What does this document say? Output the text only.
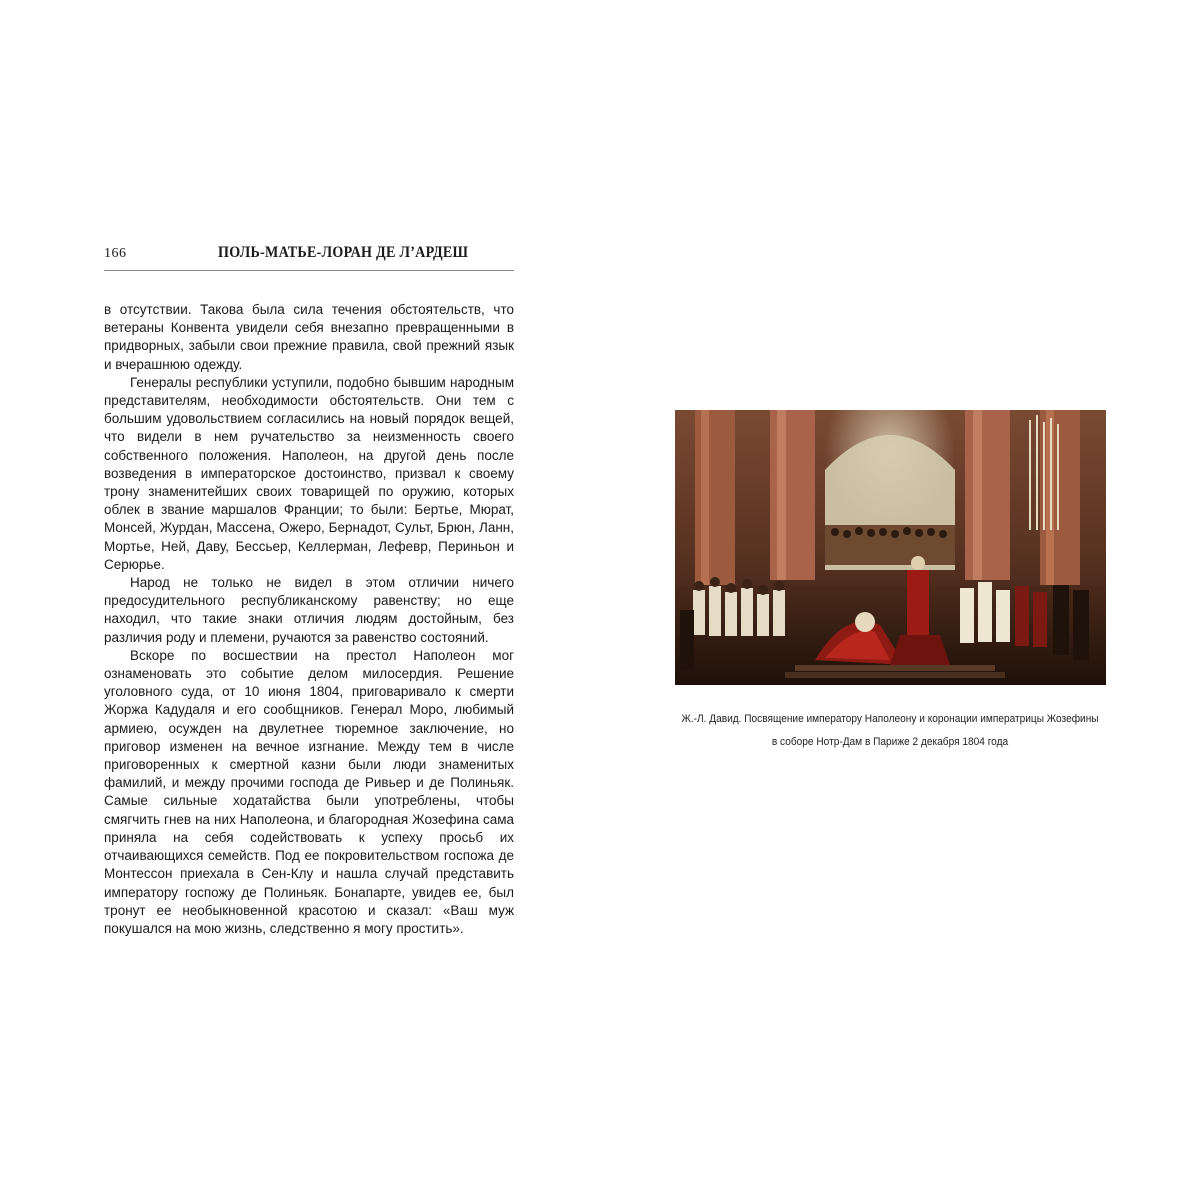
166	ПОЛЬ-МАТЬЕ-ЛОРАН ДЕ Л’АРДЕШ

в отсутствии. Такова была сила течения обстоятельств, что ветераны Конвента увидели себя внезапно превращенными в придворных, забыли свои прежние правила, свой прежний язык и вчерашнюю одежду.

Генералы республики уступили, подобно бывшим народным представителям, необходимости обстоятельств. Они тем с большим удовольствием согласились на новый порядок вещей, что видели в нем ручательство за неизменность своего собственного положения. Наполеон, на другой день после возведения в императорское достоинство, призвал к своему трону знаменитейших своих товарищей по оружию, которых облек в звание маршалов Франции; то были: Бертье, Мюрат, Монсей, Журдан, Массена, Ожеро, Бернадот, Сульт, Брюн, Ланн, Мортье, Ней, Даву, Бессьер, Келлерман, Лефевр, Периньон и Серюрье.

Народ не только не видел в этом отличии ничего предосудительного республиканскому равенству; но еще находил, что такие знаки отличия людям достойным, без различия роду и племени, ручаются за равенство состояний.

Вскоре по восшествии на престол Наполеон мог ознаменовать это событие делом милосердия. Решение уголовного суда, от 10 июня 1804, приговаривало к смерти Жоржа Кадудаля и его сообщников. Генерал Моро, любимый армиею, осужден на двулетнее тюремное заключение, но приговор изменен на вечное изгнание. Между тем в числе приговоренных к смертной казни были люди знаменитых фамилий, и между прочими господа де Ривьер и де Полиньяк. Самые сильные ходатайства были употреблены, чтобы смягчить гнев на них Наполеона, и благородная Жозефина сама приняла на себя содействовать к успеху просьб их отчаивающихся семейств. Под ее покровительством госпожа де Монтессон приехала в Сен-Клу и нашла случай представить императору госпожу де Полиньяк. Бонапарте, увидев ее, был тронут ее необыкновенной красотою и сказал: «Ваш муж покушался на мою жизнь, следственно я могу простить».

Ж.-Л. Давид. Посвящение императору Наполеону и коронации императрицы Жозефины
в соборе Нотр-Дам в Париже 2 декабря 1804 года
